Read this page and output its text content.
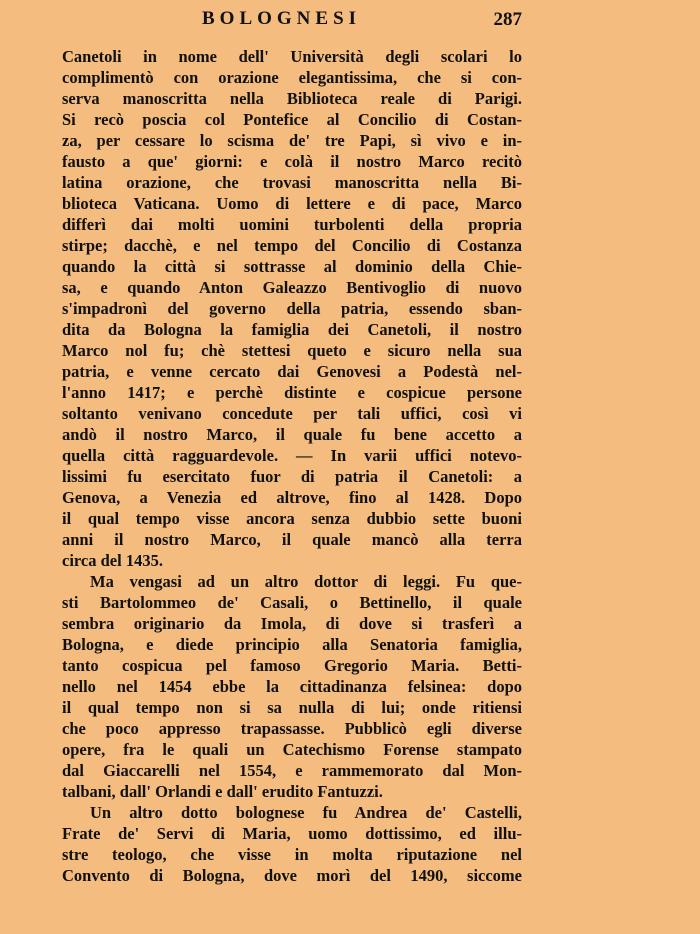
BOLOGNESI	287
Canetoli in nome dell' Università degli scolari lo
complimentò con orazione elegantissima, che si con-
serva manoscritta nella Biblioteca reale di Parigi.
Si recò poscia col Pontefice al Concilio di Costan-
za, per cessare lo scisma de' tre Papi, sì vivo e in-
fausto a que' giorni: e colà il nostro Marco recitò
latina orazione, che trovasi manoscritta nella Bi-
blioteca Vaticana. Uomo di lettere e di pace, Marco
differì dai molti uomini turbolenti della propria
stirpe; dacchè, e nel tempo del Concilio di Costanza
quando la città si sottrasse al dominio della Chie-
sa, e quando Anton Galeazzo Bentivoglio di nuovo
s'impadronì del governo della patria, essendo sban-
dita da Bologna la famiglia dei Canetoli, il nostro
Marco nol fu; chè stettesi queto e sicuro nella sua
patria, e venne cercato dai Genovesi a Podestà nel-
l'anno 1417; e perchè distinte e cospicue persone
soltanto venivano concedute per tali uffici, così vi
andò il nostro Marco, il quale fu bene accetto a
quella città ragguardevole. — In varii uffici notevo-
lissimi fu esercitato fuor di patria il Canetoli: a
Genova, a Venezia ed altrove, fino al 1428. Dopo
il qual tempo visse ancora senza dubbio sette buoni
anni il nostro Marco, il quale mancò alla terra
circa del 1435.
Ma vengasi ad un altro dottor di leggi. Fu que-
sti Bartolommeo de' Casali, o Bettinello, il quale
sembra originario da Imola, di dove si trasferì a
Bologna, e diede principio alla Senatoria famiglia,
tanto cospicua pel famoso Gregorio Maria. Betti-
nello nel 1454 ebbe la cittadinanza felsinea: dopo
il qual tempo non si sa nulla di lui; onde ritiensi
che poco appresso trapassasse. Pubblicò egli diverse
opere, fra le quali un Catechismo Forense stampato
dal Giaccarelli nel 1554, e rammemorato dal Mon-
talbani, dall' Orlandi e dall' erudito Fantuzzi.
Un altro dotto bolognese fu Andrea de' Castelli,
Frate de' Servi di Maria, uomo dottissimo, ed illu-
stre teologo, che visse in molta riputazione nel
Convento di Bologna, dove morì del 1490, siccome
